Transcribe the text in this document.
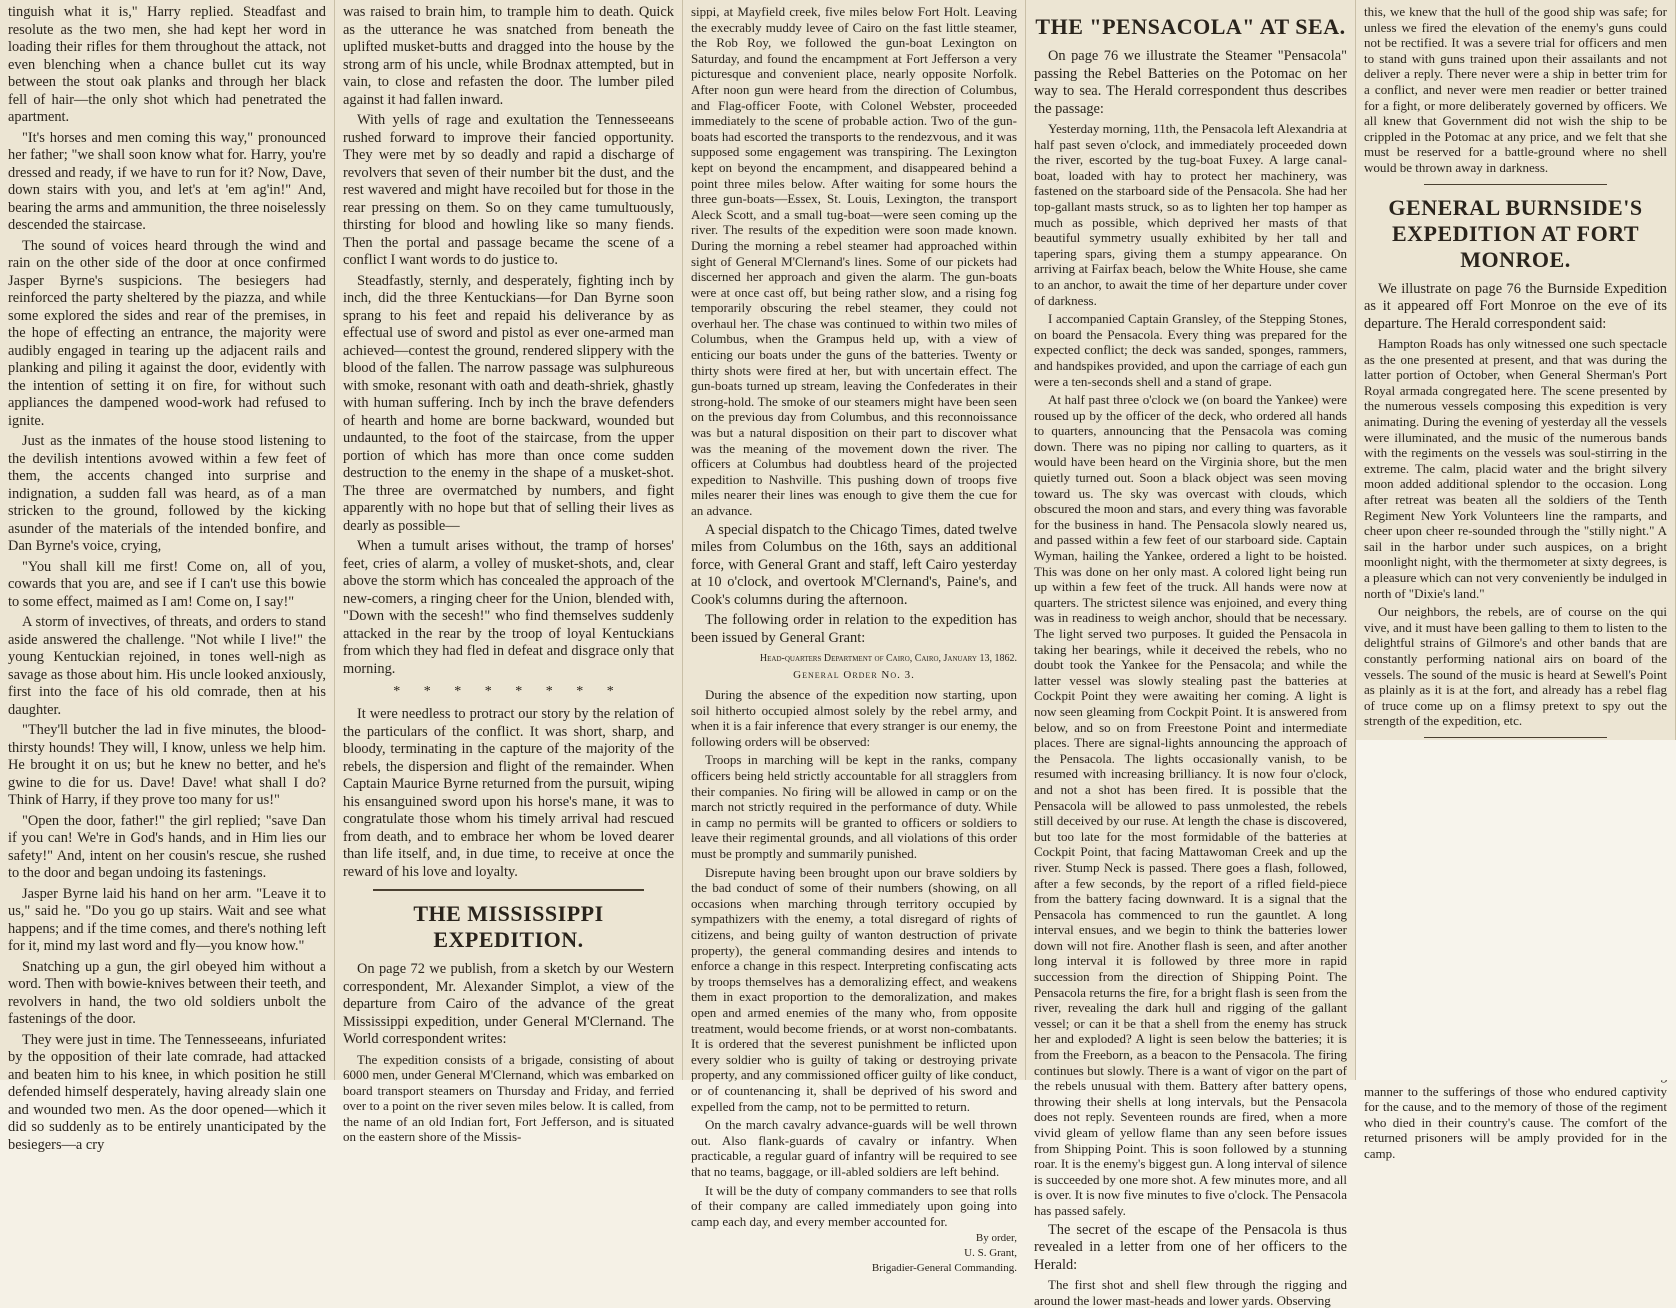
tinguish what it is," Harry replied. Steadfast and resolute as the two men, she had kept her word in loading their rifles for them throughout the attack, not even blenching when a chance bullet cut its way between the stout oak planks and through her black fell of hair—the only shot which had penetrated the apartment.

"It's horses and men coming this way," pronounced her father; "we shall soon know what for. Harry, you're dressed and ready, if we have to run for it? Now, Dave, down stairs with you, and let's at 'em ag'in!" And, bearing the arms and ammunition, the three noiselessly descended the staircase.

The sound of voices heard through the wind and rain on the other side of the door at once confirmed Jasper Byrne's suspicions. The besiegers had reinforced the party sheltered by the piazza, and while some explored the sides and rear of the premises, in the hope of effecting an entrance, the majority were audibly engaged in tearing up the adjacent rails and planking and piling it against the door, evidently with the intention of setting it on fire, for without such appliances the dampened wood-work had refused to ignite.

Just as the inmates of the house stood listening to the devilish intentions avowed within a few feet of them, the accents changed into surprise and indignation, a sudden fall was heard, as of a man stricken to the ground, followed by the kicking asunder of the materials of the intended bonfire, and Dan Byrne's voice, crying,

"You shall kill me first! Come on, all of you, cowards that you are, and see if I can't use this bowie to some effect, maimed as I am! Come on, I say!"

A storm of invectives, of threats, and orders to stand aside answered the challenge. "Not while I live!" the young Kentuckian rejoined, in tones well-nigh as savage as those about him. His uncle looked anxiously, first into the face of his old comrade, then at his daughter.

"They'll butcher the lad in five minutes, the blood-thirsty hounds! They will, I know, unless we help him. He brought it on us; but he knew no better, and he's gwine to die for us. Dave! Dave! what shall I do? Think of Harry, if they prove too many for us!"

"Open the door, father!" the girl replied; "save Dan if you can! We're in God's hands, and in Him lies our safety!" And, intent on her cousin's rescue, she rushed to the door and began undoing its fastenings.

Jasper Byrne laid his hand on her arm. "Leave it to us," said he. "Do you go up stairs. Wait and see what happens; and if the time comes, and there's nothing left for it, mind my last word and fly—you know how."

Snatching up a gun, the girl obeyed him without a word. Then with bowie-knives between their teeth, and revolvers in hand, the two old soldiers unbolt the fastenings of the door.

They were just in time. The Tennesseeans, infuriated by the opposition of their late comrade, had attacked and beaten him to his knee, in which position he still defended himself desperately, having already slain one and wounded two men. As the door opened—which it did so suddenly as to be entirely unanticipated by the besiegers—a cry

was raised to brain him, to trample him to death. Quick as the utterance he was snatched from beneath the uplifted musket-butts and dragged into the house by the strong arm of his uncle, while Brodnax attempted, but in vain, to close and refasten the door. The lumber piled against it had fallen inward.

With yells of rage and exultation the Tennesseeans rushed forward to improve their fancied opportunity. They were met by so deadly and rapid a discharge of revolvers that seven of their number bit the dust, and the rest wavered and might have recoiled but for those in the rear pressing on them. So on they came tumultuously, thirsting for blood and howling like so many fiends. Then the portal and passage became the scene of a conflict I want words to do justice to.

Steadfastly, sternly, and desperately, fighting inch by inch, did the three Kentuckians—for Dan Byrne soon sprang to his feet and repaid his deliverance by as effectual use of sword and pistol as ever one-armed man achieved—contest the ground, rendered slippery with the blood of the fallen. The narrow passage was sulphureous with smoke, resonant with oath and death-shriek, ghastly with human suffering. Inch by inch the brave defenders of hearth and home are borne backward, wounded but undaunted, to the foot of the staircase, from the upper portion of which has more than once come sudden destruction to the enemy in the shape of a musket-shot. The three are overmatched by numbers, and fight apparently with no hope but that of selling their lives as dearly as possible—

When a tumult arises without, the tramp of horses' feet, cries of alarm, a volley of musket-shots, and, clear above the storm which has concealed the approach of the new-comers, a ringing cheer for the Union, blended with, "Down with the secesh!" who find themselves suddenly attacked in the rear by the troop of loyal Kentuckians from which they had fled in defeat and disgrace only that morning.

* * * * * * * *

It were needless to protract our story by the relation of the particulars of the conflict. It was short, sharp, and bloody, terminating in the capture of the majority of the rebels, the dispersion and flight of the remainder. When Captain Maurice Byrne returned from the pursuit, wiping his ensanguined sword upon his horse's mane, it was to congratulate those whom his timely arrival had rescued from death, and to embrace her whom be loved dearer than life itself, and, in due time, to receive at once the reward of his love and loyalty.

THE MISSISSIPPI EXPEDITION.

On page 72 we publish, from a sketch by our Western correspondent, Mr. Alexander Simplot, a view of the departure from Cairo of the advance of the great Mississippi expedition, under General M'Clernand. The World correspondent writes:

The expedition consists of a brigade, consisting of about 6000 men, under General M'Clernand, which was embarked on board transport steamers on Thursday and Friday, and ferried over to a point on the river seven miles below. It is called, from the name of an old Indian fort, Fort Jefferson, and is situated on the eastern shore of the Missis-

sippi, at Mayfield creek, five miles below Fort Holt. Leaving the execrably muddy levee of Cairo on the fast little steamer, the Rob Roy, we followed the gun-boat Lexington on Saturday, and found the encampment at Fort Jefferson a very picturesque and convenient place, nearly opposite Norfolk. After noon gun were heard from the direction of Columbus, and Flag-officer Foote, with Colonel Webster, proceeded immediately to the scene of probable action. Two of the gun-boats had escorted the transports to the rendezvous, and it was supposed some engagement was transpiring. The Lexington kept on beyond the encampment, and disappeared behind a point three miles below. After waiting for some hours the three gun-boats—Essex, St. Louis, Lexington, the transport Aleck Scott, and a small tug-boat—were seen coming up the river. The results of the expedition were soon made known. During the morning a rebel steamer had approached within sight of General M'Clernand's lines. Some of our pickets had discerned her approach and given the alarm. The gun-boats were at once cast off, but being rather slow, and a rising fog temporarily obscuring the rebel steamer, they could not overhaul her. The chase was continued to within two miles of Columbus, when the Grampus held up, with a view of enticing our boats under the guns of the batteries. Twenty or thirty shots were fired at her, but with uncertain effect. The gun-boats turned up stream, leaving the Confederates in their strong-hold. The smoke of our steamers might have been seen on the previous day from Columbus, and this reconnoissance was but a natural disposition on their part to discover what was the meaning of the movement down the river. The officers at Columbus had doubtless heard of the projected expedition to Nashville. This pushing down of troops five miles nearer their lines was enough to give them the cue for an advance.

A special dispatch to the Chicago Times, dated twelve miles from Columbus on the 16th, says an additional force, with General Grant and staff, left Cairo yesterday at 10 o'clock, and overtook M'Clernand's, Paine's, and Cook's columns during the afternoon.

The following order in relation to the expedition has been issued by General Grant:

Head-quarters Department of Cairo, Cairo, January 13, 1862.
General Order No. 3.

During the absence of the expedition now starting, upon soil hitherto occupied almost solely by the rebel army, and when it is a fair inference that every stranger is our enemy, the following orders will be observed:

Troops in marching will be kept in the ranks, company officers being held strictly accountable for all stragglers from their companies. No firing will be allowed in camp or on the march not strictly required in the performance of duty. While in camp no permits will be granted to officers or soldiers to leave their regimental grounds, and all violations of this order must be promptly and summarily punished.

Disrepute having been brought upon our brave soldiers by the bad conduct of some of their numbers (showing, on all occasions when marching through territory occupied by sympathizers with the enemy, a total disregard of rights of citizens, and being guilty of wanton destruction of private property), the general commanding desires and intends to enforce a change in this respect. Interpreting confiscating acts by troops themselves has a demoralizing effect, and weakens them in exact proportion to the demoralization, and makes open and armed enemies of the many who, from opposite treatment, would become friends, or at worst non-combatants. It is ordered that the severest punishment be inflicted upon every soldier who is guilty of taking or destroying private property, and any commissioned officer guilty of like conduct, or of countenancing it, shall be deprived of his sword and expelled from the camp, not to be permitted to return.

On the march cavalry advance-guards will be well thrown out. Also flank-guards of cavalry or infantry. When practicable, a regular guard of infantry will be required to see that no teams, baggage, or ill-abled soldiers are left behind.

It will be the duty of company commanders to see that rolls of their company are called immediately upon going into camp each day, and every member accounted for.

By order,
U. S. Grant,
Brigadier-General Commanding.
THE "PENSACOLA" AT SEA.

On page 76 we illustrate the Steamer "Pensacola" passing the Rebel Batteries on the Potomac on her way to sea. The Herald correspondent thus describes the passage:

Yesterday morning, 11th, the Pensacola left Alexandria at half past seven o'clock, and immediately proceeded down the river, escorted by the tug-boat Fuxey. A large canal-boat, loaded with hay to protect her machinery, was fastened on the starboard side of the Pensacola. She had her top-gallant masts struck, so as to lighten her top hamper as much as possible, which deprived her masts of that beautiful symmetry usually exhibited by her tall and tapering spars, giving them a stumpy appearance. On arriving at Fairfax beach, below the White House, she came to an anchor, to await the time of her departure under cover of darkness.

I accompanied Captain Gransley, of the Stepping Stones, on board the Pensacola. Every thing was prepared for the expected conflict; the deck was sanded, sponges, rammers, and handspikes provided, and upon the carriage of each gun were a ten-seconds shell and a stand of grape.

At half past three o'clock we (on board the Yankee) were roused up by the officer of the deck, who ordered all hands to quarters, announcing that the Pensacola was coming down. There was no piping nor calling to quarters, as it would have been heard on the Virginia shore, but the men quietly turned out. Soon a black object was seen moving toward us. The sky was overcast with clouds, which obscured the moon and stars, and every thing was favorable for the business in hand. The Pensacola slowly neared us, and passed within a few feet of our starboard side. Captain Wyman, hailing the Yankee, ordered a light to be hoisted. This was done on her only mast. A colored light being run up within a few feet of the truck. All hands were now at quarters. The strictest silence was enjoined, and every thing was in readiness to weigh anchor, should that be necessary. The light served two purposes. It guided the Pensacola in taking her bearings, while it deceived the rebels, who no doubt took the Yankee for the Pensacola; and while the latter vessel was slowly stealing past the batteries at Cockpit Point they were awaiting her coming. A light is now seen gleaming from Cockpit Point. It is answered from below, and so on from Freestone Point and intermediate places. There are signal-lights announcing the approach of the Pensacola. The lights occasionally vanish, to be resumed with increasing brilliancy. It is now four o'clock, and not a shot has been fired. It is possible that the Pensacola will be allowed to pass unmolested, the rebels still deceived by our ruse. At length the chase is discovered, but too late for the most formidable of the batteries at Cockpit Point, that facing Mattawoman Creek and up the river. Stump Neck is passed. There goes a flash, followed, after a few seconds, by the report of a rifled field-piece from the battery facing downward. It is a signal that the Pensacola has commenced to run the gauntlet. A long interval ensues, and we begin to think the batteries lower down will not fire. Another flash is seen, and after another long interval it is followed by three more in rapid succession from the direction of Shipping Point. The Pensacola returns the fire, for a bright flash is seen from the river, revealing the dark hull and rigging of the gallant vessel; or can it be that a shell from the enemy has struck her and exploded? A light is seen below the batteries; it is from the Freeborn, as a beacon to the Pensacola. The firing continues but slowly. There is a want of vigor on the part of the rebels unusual with them. Battery after battery opens, throwing their shells at long intervals, but the Pensacola does not reply. Seventeen rounds are fired, when a more vivid gleam of yellow flame than any seen before issues from Shipping Point. This is soon followed by a stunning roar. It is the enemy's biggest gun. A long interval of silence is succeeded by one more shot. A few minutes more, and all is over. It is now five minutes to five o'clock. The Pensacola has passed safely.

The secret of the escape of the Pensacola is thus revealed in a letter from one of her officers to the Herald:

The first shot and shell flew through the rigging and around the lower mast-heads and lower yards. Observing

this, we knew that the hull of the good ship was safe; for unless we fired the elevation of the enemy's guns could not be rectified. It was a severe trial for officers and men to stand with guns trained upon their assailants and not deliver a reply. There never were a ship in better trim for a conflict, and never were men readier or better trained for a fight, or more deliberately governed by officers. We all knew that Government did not wish the ship to be crippled in the Potomac at any price, and we felt that she must be reserved for a battle-ground where no shell would be thrown away in darkness.

GENERAL BURNSIDE'S EXPEDITION AT FORT MONROE.

We illustrate on page 76 the Burnside Expedition as it appeared off Fort Monroe on the eve of its departure. The Herald correspondent said:

Hampton Roads has only witnessed one such spectacle as the one presented at present, and that was during the latter portion of October, when General Sherman's Port Royal armada congregated here. The scene presented by the numerous vessels composing this expedition is very animating. During the evening of yesterday all the vessels were illuminated, and the music of the numerous bands with the regiments on the vessels was soul-stirring in the extreme. The calm, placid water and the bright silvery moon added additional splendor to the occasion. Long after retreat was beaten all the soldiers of the Tenth Regiment New York Volunteers line the ramparts, and cheer upon cheer re-sounded through the "stilly night." A sail in the harbor under such auspices, on a bright moonlight night, with the thermometer at sixty degrees, is a pleasure which can not very conveniently be indulged in north of "Dixie's land."

Our neighbors, the rebels, are of course on the qui vive, and it must have been galling to them to listen to the delightful strains of Gilmore's and other bands that are constantly performing national airs on board of the vessels. The sound of the music is heard at Sewell's Point as plainly as it is at the fort, and already has a rebel flag of truce come up on a flimsy pretext to spy out the strength of the expedition, etc.

manner to the sufferings of those who endured captivity for the cause, and to the memory of those of the regiment who died in their country's cause. The comfort of the returned prisoners will be amply provided for in the camp.
